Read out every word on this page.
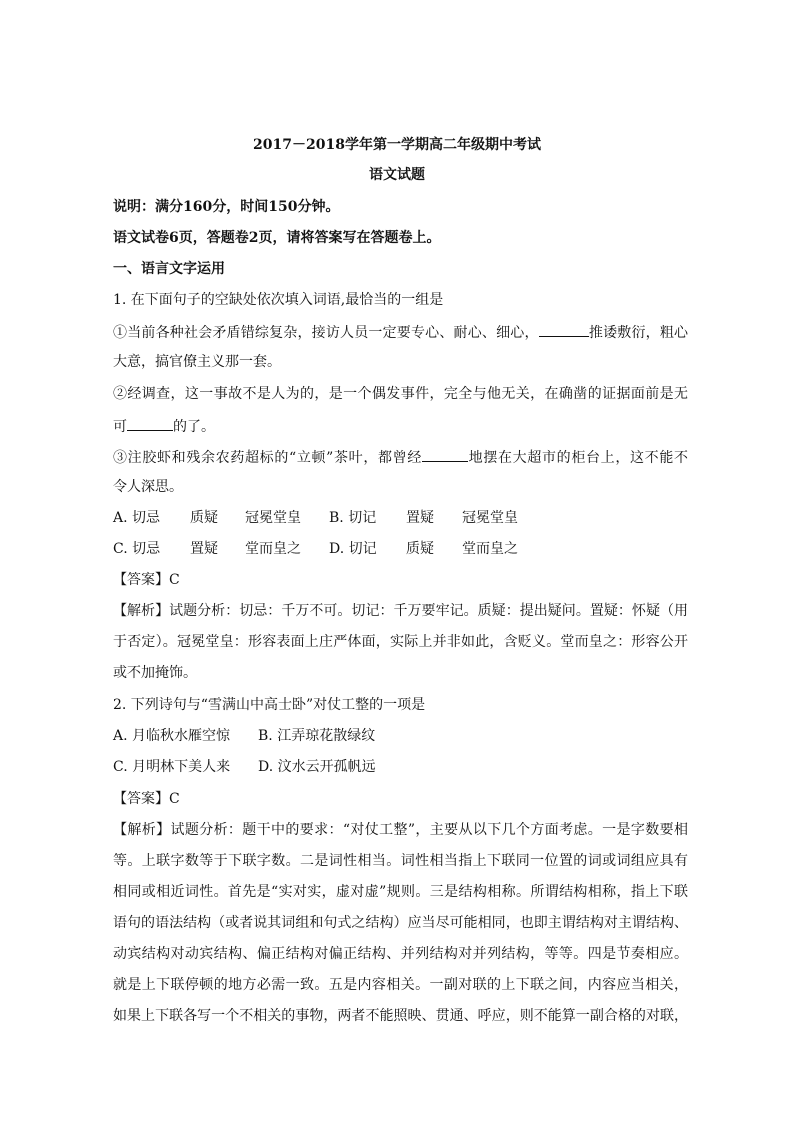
2017－2018学年第一学期高二年级期中考试
语文试题
说明：满分160分，时间150分钟。
语文试卷6页，答题卷2页，请将答案写在答题卷上。
一、语言文字运用
1. 在下面句子的空缺处依次填入词语,最恰当的一组是
①当前各种社会矛盾错综复杂，接访人员一定要专心、耐心、细心，	推诿敷衍，粗心
大意，搞官僚主义那一套。
②经调查，这一事故不是人为的，是一个偶发事件，完全与他无关，在确凿的证据面前是无
可	的了。
③注胶虾和残余农药超标的“立顿”茶叶，都曾经	地摆在大超市的柜台上，这不能不
令人深思。
A. 切忌 质疑 冠冕堂皇 B. 切记 置疑 冠冕堂皇
C. 切忌 置疑 堂而皇之 D. 切记 质疑 堂而皇之
【答案】C
【解析】试题分析：切忌：千万不可。切记：千万要牢记。质疑：提出疑问。置疑：怀疑（用
于否定）。冠冕堂皇：形容表面上庄严体面，实际上并非如此，含贬义。堂而皇之：形容公开
或不加掩饰。
2. 下列诗句与“雪满山中高士卧”对仗工整的一项是
A. 月临秋水雁空惊 B. 江弄琼花散绿纹
C. 月明林下美人来 D. 汶水云开孤帆远
【答案】C
【解析】试题分析：题干中的要求：“对仗工整”，主要从以下几个方面考虑。一是字数要相
等。上联字数等于下联字数。二是词性相当。词性相当指上下联同一位置的词或词组应具有
相同或相近词性。首先是“实对实，虚对虚”规则。三是结构相称。所谓结构相称，指上下联
语句的语法结构（或者说其词组和句式之结构）应当尽可能相同，也即主谓结构对主谓结构、
动宾结构对动宾结构、偏正结构对偏正结构、并列结构对并列结构，等等。四是节奏相应。
就是上下联停顿的地方必需一致。五是内容相关。一副对联的上下联之间，内容应当相关，
如果上下联各写一个不相关的事物，两者不能照映、贯通、呼应，则不能算一副合格的对联，
